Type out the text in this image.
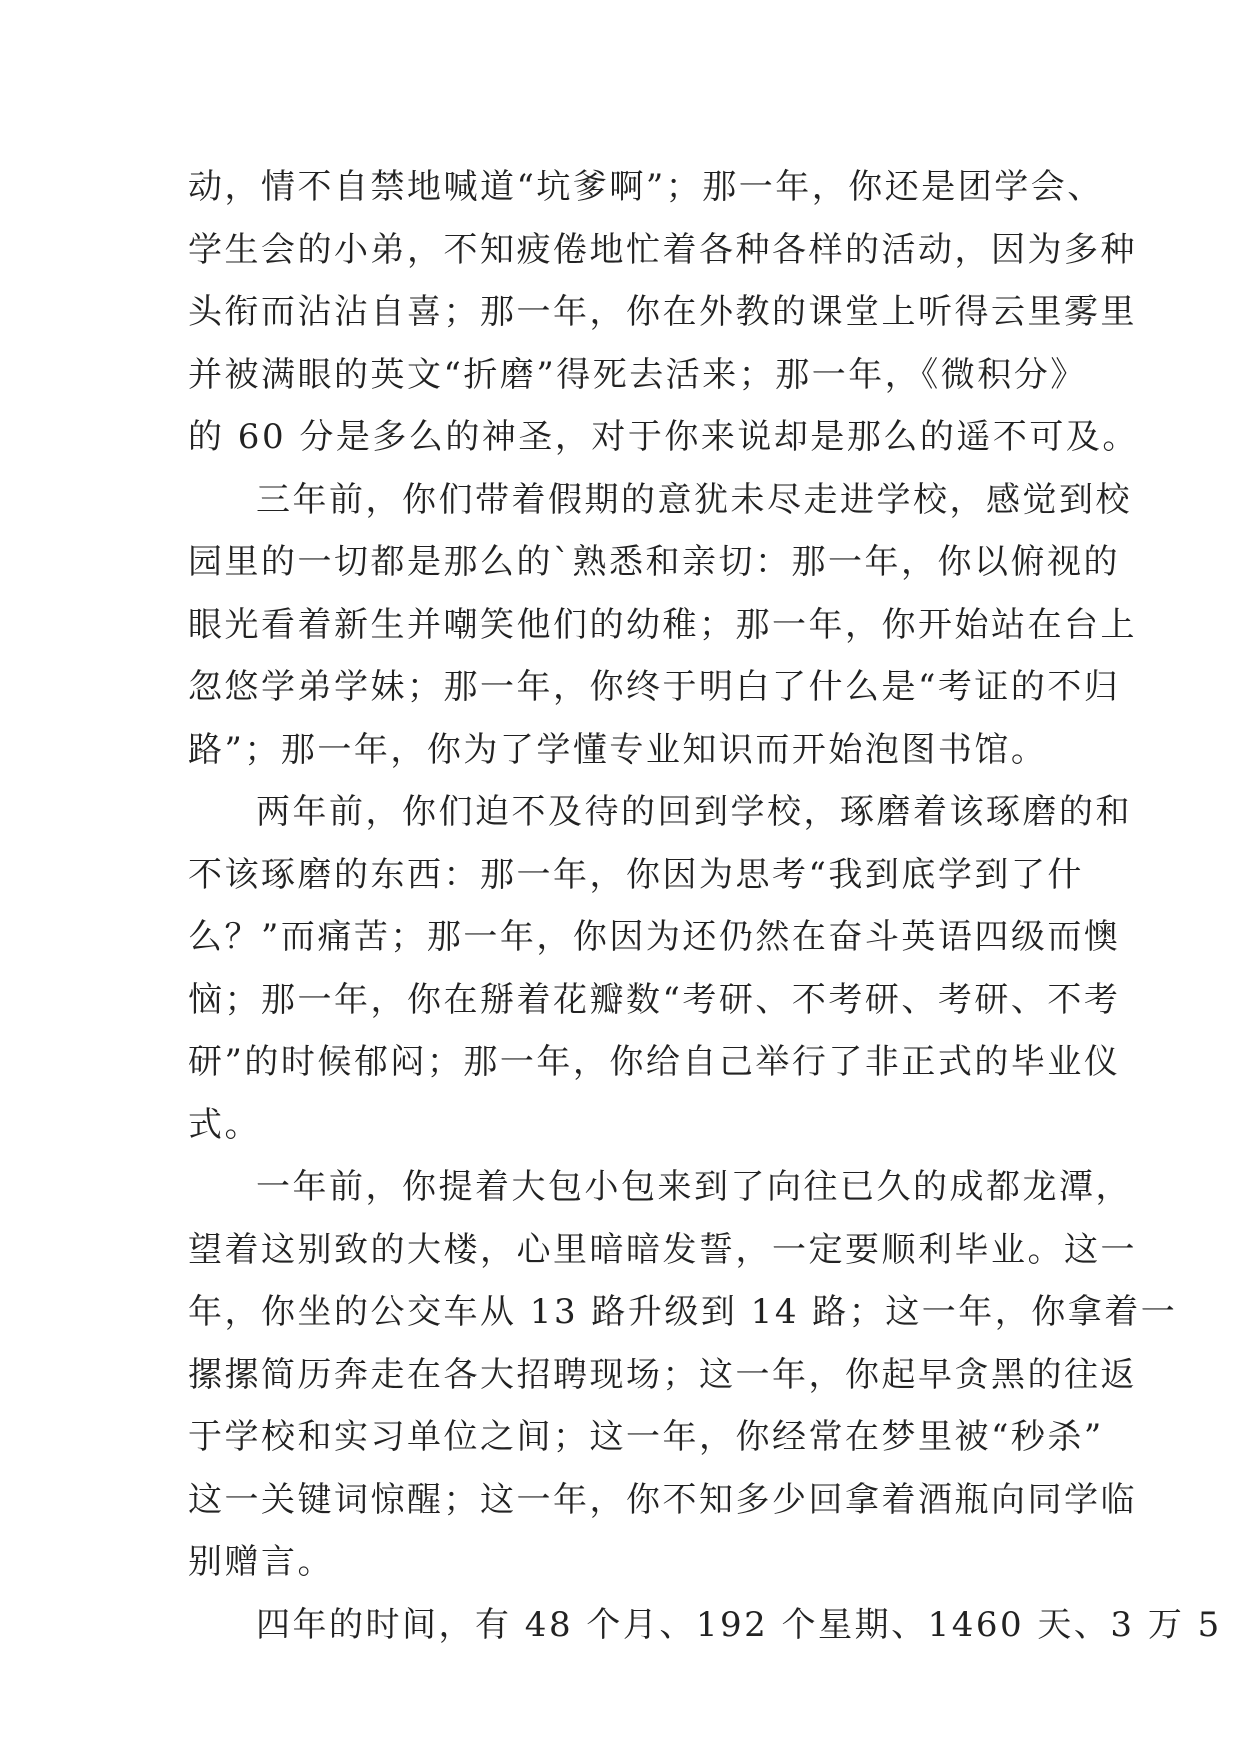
动，情不自禁地喊道“坑爹啊”；那一年，你还是团学会、
学生会的小弟，不知疲倦地忙着各种各样的活动，因为多种
头衔而沾沾自喜；那一年，你在外教的课堂上听得云里雾里
并被满眼的英文“折磨”得死去活来；那一年，《微积分》
的 60 分是多么的神圣，对于你来说却是那么的遥不可及。
三年前，你们带着假期的意犹未尽走进学校，感觉到校
园里的一切都是那么的`熟悉和亲切：那一年，你以俯视的
眼光看着新生并嘲笑他们的幼稚；那一年，你开始站在台上
忽悠学弟学妹；那一年，你终于明白了什么是“考证的不归
路”；那一年，你为了学懂专业知识而开始泡图书馆。
两年前，你们迫不及待的回到学校，琢磨着该琢磨的和
不该琢磨的东西：那一年，你因为思考“我到底学到了什
么？”而痛苦；那一年，你因为还仍然在奋斗英语四级而懊
恼；那一年，你在掰着花瓣数“考研、不考研、考研、不考
研”的时候郁闷；那一年，你给自己举行了非正式的毕业仪
式。
一年前，你提着大包小包来到了向往已久的成都龙潭，
望着这别致的大楼，心里暗暗发誓，一定要顺利毕业。这一
年，你坐的公交车从 13 路升级到 14 路；这一年，你拿着一
摞摞简历奔走在各大招聘现场；这一年，你起早贪黑的往返
于学校和实习单位之间；这一年，你经常在梦里被“秒杀”
这一关键词惊醒；这一年，你不知多少回拿着酒瓶向同学临
别赠言。
四年的时间，有 48 个月、192 个星期、1460 天、3 万 5
